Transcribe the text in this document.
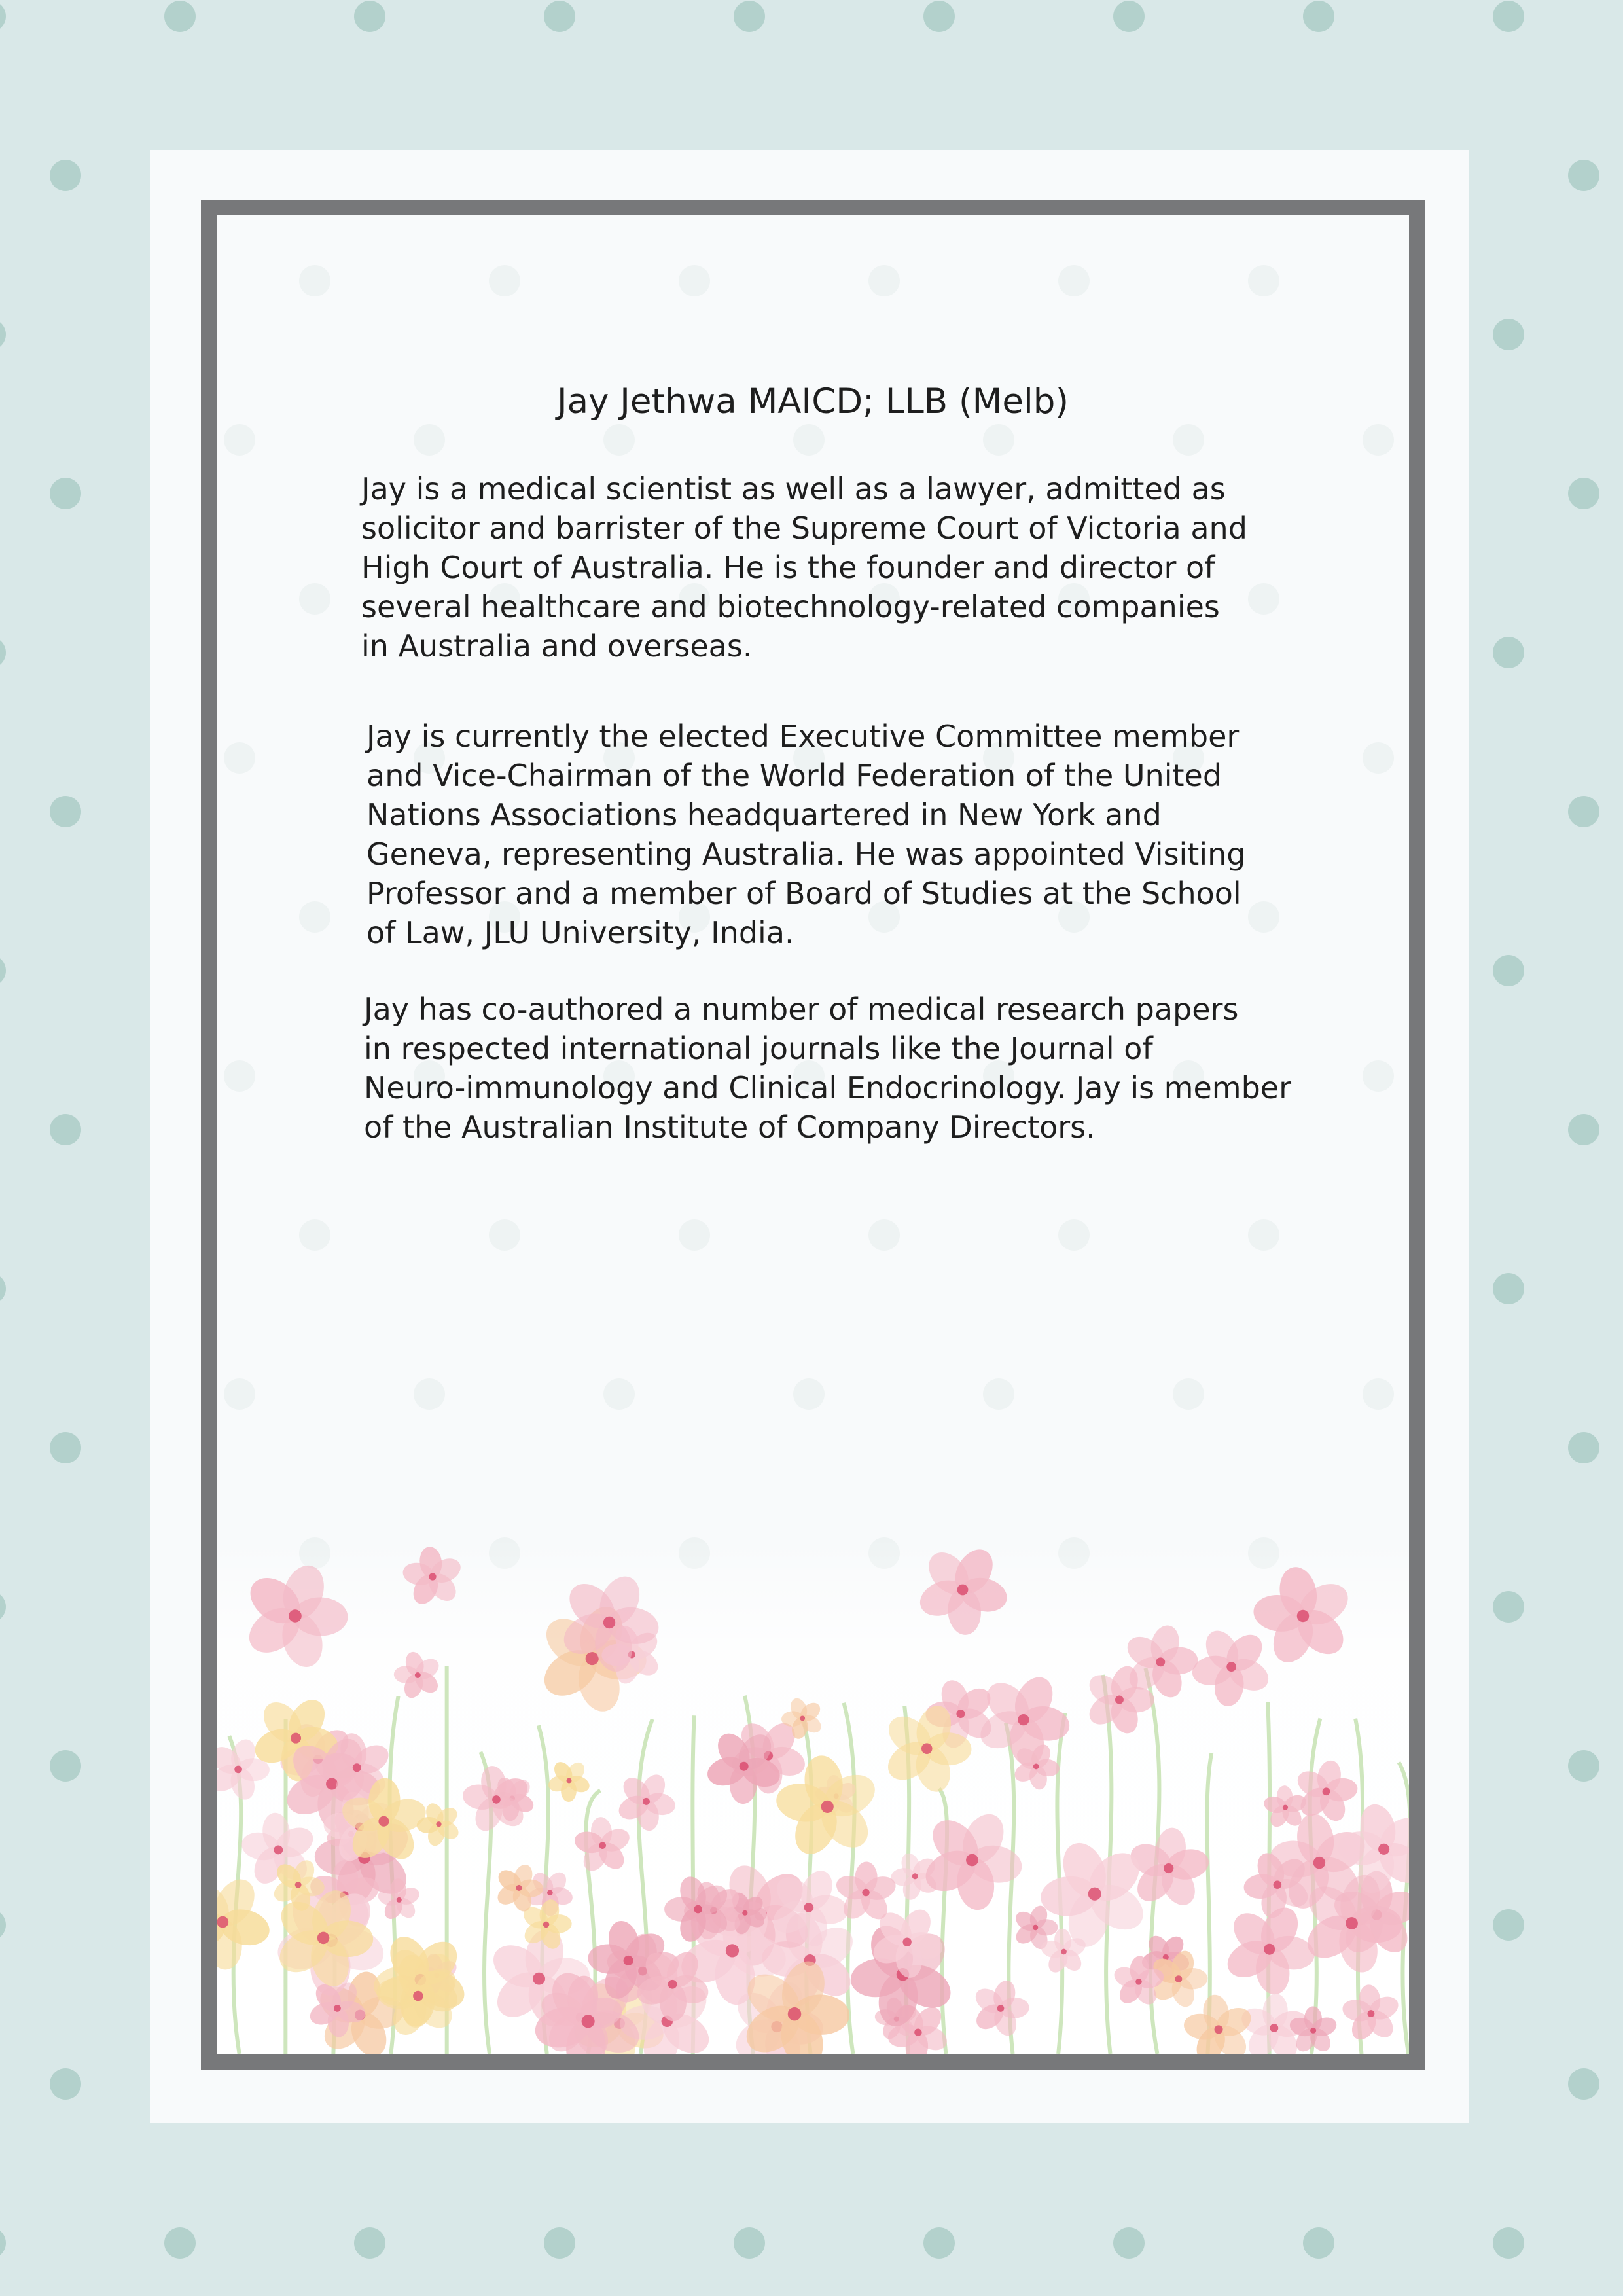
Jay Jethwa MAICD; LLB (Melb)

Jay is a medical scientist as well as a lawyer, admitted as
solicitor and barrister of the Supreme Court of Victoria and
High Court of Australia. He is the founder and director of
several healthcare and biotechnology-related companies
in Australia and overseas.

Jay is currently the elected Executive Committee member
and Vice-Chairman of the World Federation of the United
Nations Associations headquartered in New York and
Geneva, representing Australia. He was appointed Visiting
Professor and a member of Board of Studies at the School
of Law, JLU University, India.

Jay has co-authored a number of medical research papers
in respected international journals like the Journal of
Neuro-immunology and Clinical Endocrinology. Jay is member
of the Australian Institute of Company Directors.
